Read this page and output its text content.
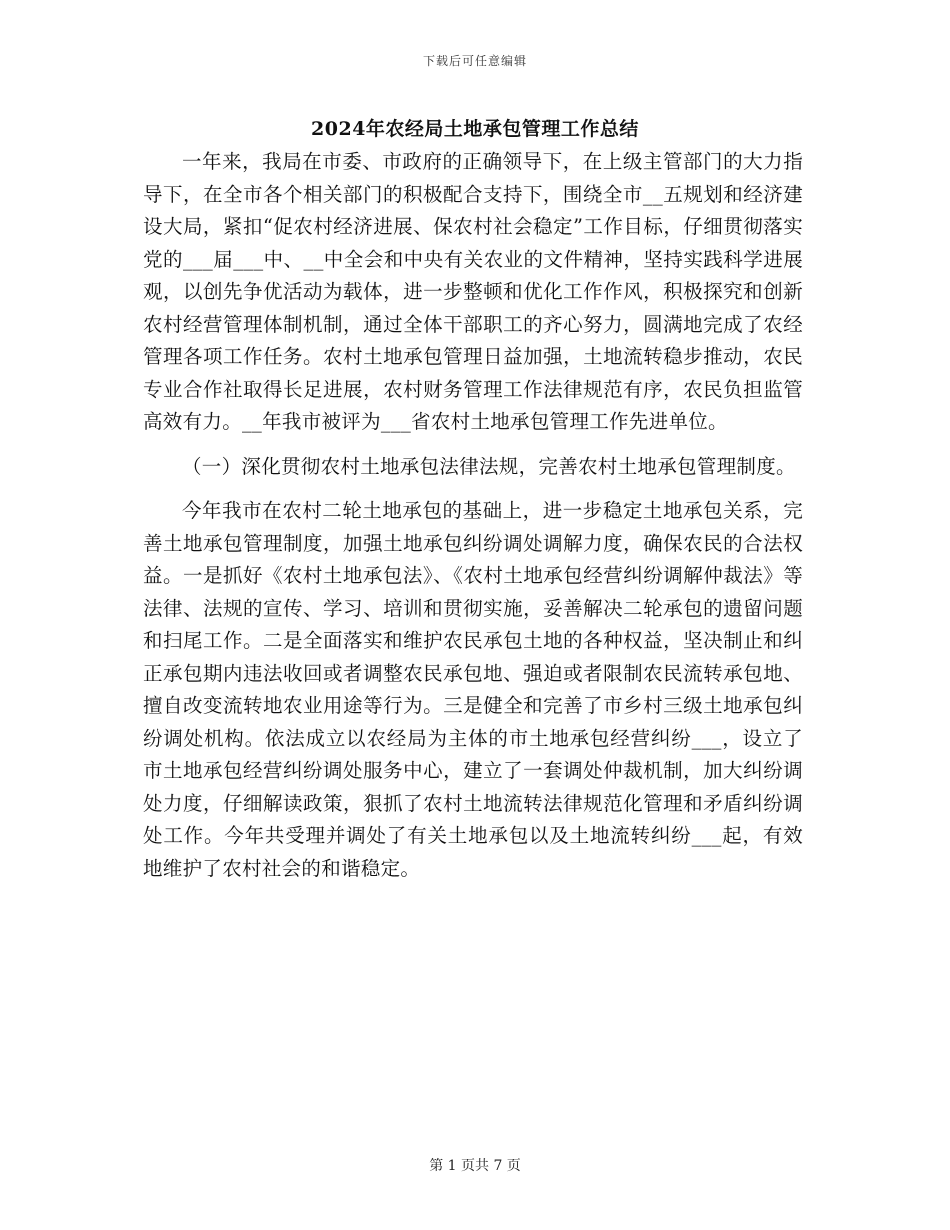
下载后可任意编辑
2024年农经局土地承包管理工作总结

一年来，我局在市委、市政府的正确领导下，在上级主管部门的大力指导下，在全市各个相关部门的积极配合支持下，围绕全市__五规划和经济建设大局，紧扣“促农村经济进展、保农村社会稳定”工作目标，仔细贯彻落实党的___届___中、__中全会和中央有关农业的文件精神，坚持实践科学进展观，以创先争优活动为载体，进一步整顿和优化工作作风，积极探究和创新农村经营管理体制机制，通过全体干部职工的齐心努力，圆满地完成了农经管理各项工作任务。农村土地承包管理日益加强，土地流转稳步推动，农民专业合作社取得长足进展，农村财务管理工作法律规范有序，农民负担监管高效有力。__年我市被评为___省农村土地承包管理工作先进单位。

（一）深化贯彻农村土地承包法律法规，完善农村土地承包管理制度。

今年我市在农村二轮土地承包的基础上，进一步稳定土地承包关系，完善土地承包管理制度，加强土地承包纠纷调处调解力度，确保农民的合法权益。一是抓好《农村土地承包法》、《农村土地承包经营纠纷调解仲裁法》等法律、法规的宣传、学习、培训和贯彻实施，妥善解决二轮承包的遗留问题和扫尾工作。二是全面落实和维护农民承包土地的各种权益，坚决制止和纠正承包期内违法收回或者调整农民承包地、强迫或者限制农民流转承包地、擅自改变流转地农业用途等行为。三是健全和完善了市乡村三级土地承包纠纷调处机构。依法成立以农经局为主体的市土地承包经营纠纷___，设立了市土地承包经营纠纷调处服务中心，建立了一套调处仲裁机制，加大纠纷调处力度，仔细解读政策，狠抓了农村土地流转法律规范化管理和矛盾纠纷调处工作。今年共受理并调处了有关土地承包以及土地流转纠纷___起，有效地维护了农村社会的和谐稳定。

第 1 页共 7 页
